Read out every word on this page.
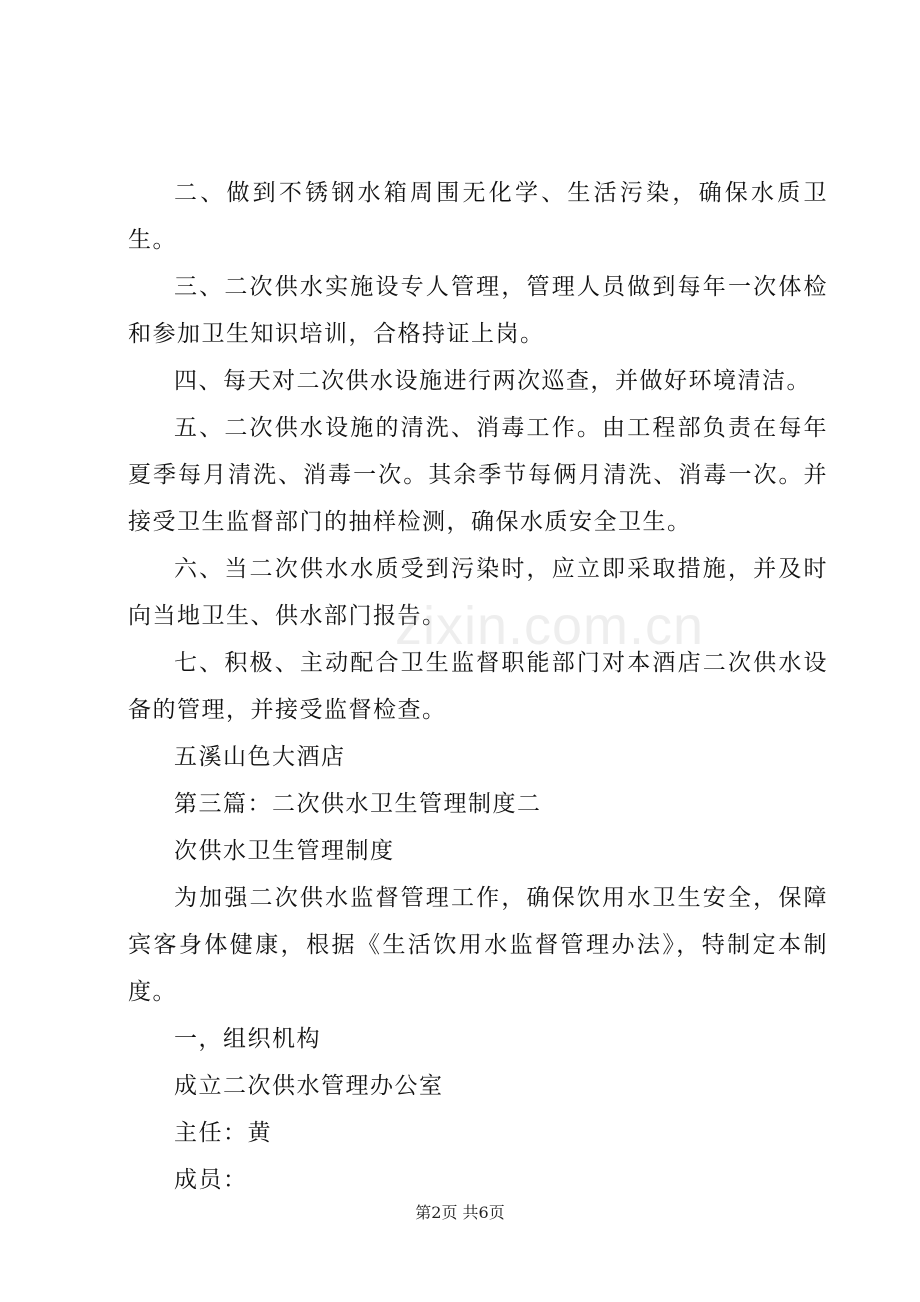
二、做到不锈钢水箱周围无化学、生活污染，确保水质卫生。

三、二次供水实施设专人管理，管理人员做到每年一次体检和参加卫生知识培训，合格持证上岗。

四、每天对二次供水设施进行两次巡查，并做好环境清洁。

五、二次供水设施的清洗、消毒工作。由工程部负责在每年夏季每月清洗、消毒一次。其余季节每俩月清洗、消毒一次。并接受卫生监督部门的抽样检测，确保水质安全卫生。

六、当二次供水水质受到污染时，应立即采取措施，并及时向当地卫生、供水部门报告。

七、积极、主动配合卫生监督职能部门对本酒店二次供水设备的管理，并接受监督检查。

五溪山色大酒店

第三篇：二次供水卫生管理制度二

次供水卫生管理制度

为加强二次供水监督管理工作，确保饮用水卫生安全，保障宾客身体健康，根据《生活饮用水监督管理办法》，特制定本制度。

一，组织机构

成立二次供水管理办公室

主任：黄

成员：

zixin.com.cn
第2页 共6页
